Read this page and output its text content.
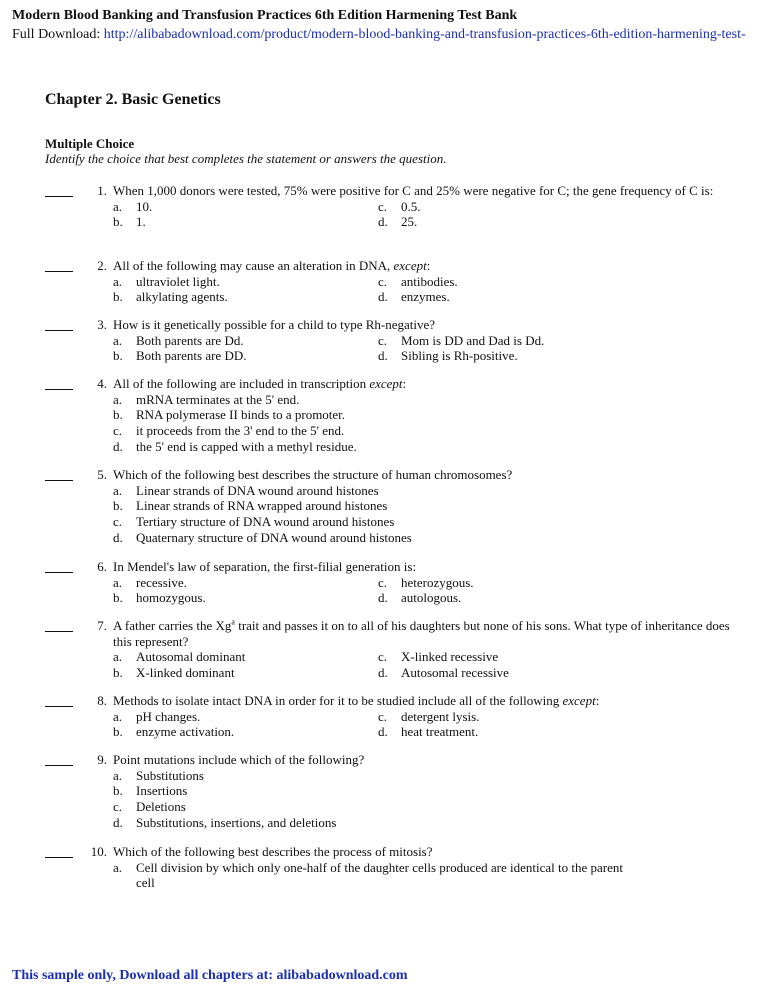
Modern Blood Banking and Transfusion Practices 6th Edition Harmening Test Bank
Full Download: http://alibabadownload.com/product/modern-blood-banking-and-transfusion-practices-6th-edition-harmening-test-
Chapter 2. Basic Genetics
Multiple Choice
Identify the choice that best completes the statement or answers the question.
1. When 1,000 donors were tested, 75% were positive for C and 25% were negative for C; the gene frequency of C is:
a.	10.	c.	0.5.
b.	1.	d.	25.
2. All of the following may cause an alteration in DNA, except:
a.	ultraviolet light.	c.	antibodies.
b.	alkylating agents.	d.	enzymes.
3. How is it genetically possible for a child to type Rh-negative?
a.	Both parents are Dd.	c.	Mom is DD and Dad is Dd.
b.	Both parents are DD.	d.	Sibling is Rh-positive.
4. All of the following are included in transcription except:
a.	mRNA terminates at the 5' end.
b.	RNA polymerase II binds to a promoter.
c.	it proceeds from the 3' end to the 5' end.
d.	the 5' end is capped with a methyl residue.
5. Which of the following best describes the structure of human chromosomes?
a.	Linear strands of DNA wound around histones
b.	Linear strands of RNA wrapped around histones
c.	Tertiary structure of DNA wound around histones
d.	Quaternary structure of DNA wound around histones
6. In Mendel's law of separation, the first-filial generation is:
a.	recessive.	c.	heterozygous.
b.	homozygous.	d.	autologous.
7. A father carries the Xg$^a$ trait and passes it on to all of his daughters but none of his sons. What type of inheritance does this represent?
a.	Autosomal dominant	c.	X-linked recessive
b.	X-linked dominant	d.	Autosomal recessive
8. Methods to isolate intact DNA in order for it to be studied include all of the following except:
a.	pH changes.	c.	detergent lysis.
b.	enzyme activation.	d.	heat treatment.
9. Point mutations include which of the following?
a.	Substitutions
b.	Insertions
c.	Deletions
d.	Substitutions, insertions, and deletions
10. Which of the following best describes the process of mitosis?
a.	Cell division by which only one-half of the daughter cells produced are identical to the parent cell
This sample only, Download all chapters at: alibabadownload.com
